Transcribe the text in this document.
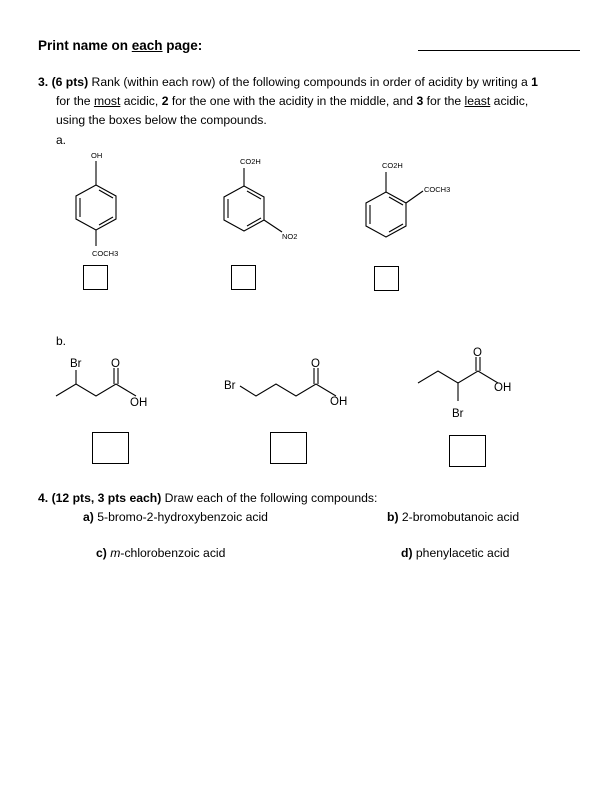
Print name on each page:
3. (6 pts) Rank (within each row) of the following compounds in order of acidity by writing a 1
for the most acidic, 2 for the one with the acidity in the middle, and 3 for the least acidic,
using the boxes below the compounds.
a.
b.
OH
COCH3
CO2H
NO2
CO2H
COCH3
Br	O
OH
Br
O
OH
O
OH
Br
4. (12 pts, 3 pts each) Draw each of the following compounds:
a) 5-bromo-2-hydroxybenzoic acid	b) 2-bromobutanoic acid
c) m-chlorobenzoic acid	d) phenylacetic acid
